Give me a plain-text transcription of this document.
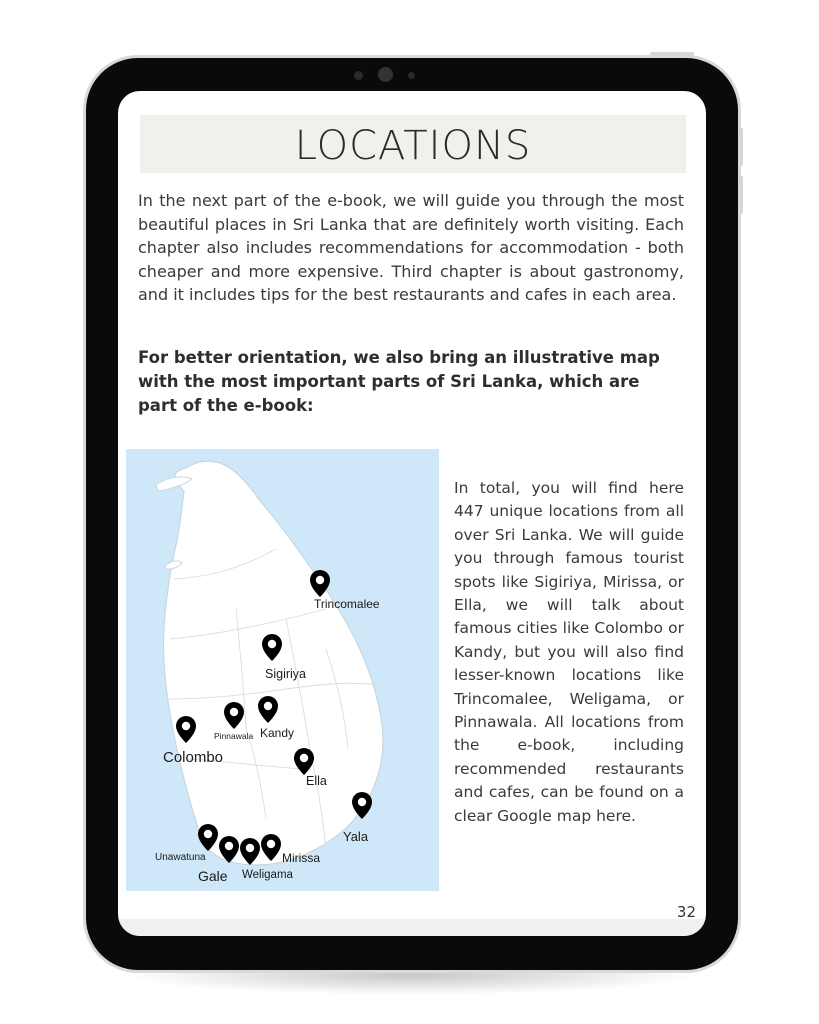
LOCATIONS
In the next part of the e-book, we will guide you through the most beautiful places in Sri Lanka that are definitely worth visiting. Each chapter also includes recommendations for accommodation - both cheaper and more expensive. Third chapter is about gastronomy, and it includes tips for the best restaurants and cafes in each area.
For better orientation, we also bring an illustrative map with the most important parts of Sri Lanka, which are part of the e-book:
Trincomalee
Sigiriya
Pinnawala Kandy
Colombo
Ella
Yala
Unawatuna
Gale Weligama
Mirissa
In total, you will find here 447 unique locations from all over Sri Lanka. We will guide you through famous tourist spots like Sigiriya, Mirissa, or Ella, we will talk about famous cities like Colombo or Kandy, but you will also find lesser-known locations like Trincomalee, Weligama, or Pinnawala. All locations from the e-book, including recommended restaurants and cafes, can be found on a clear Google map here.
32
